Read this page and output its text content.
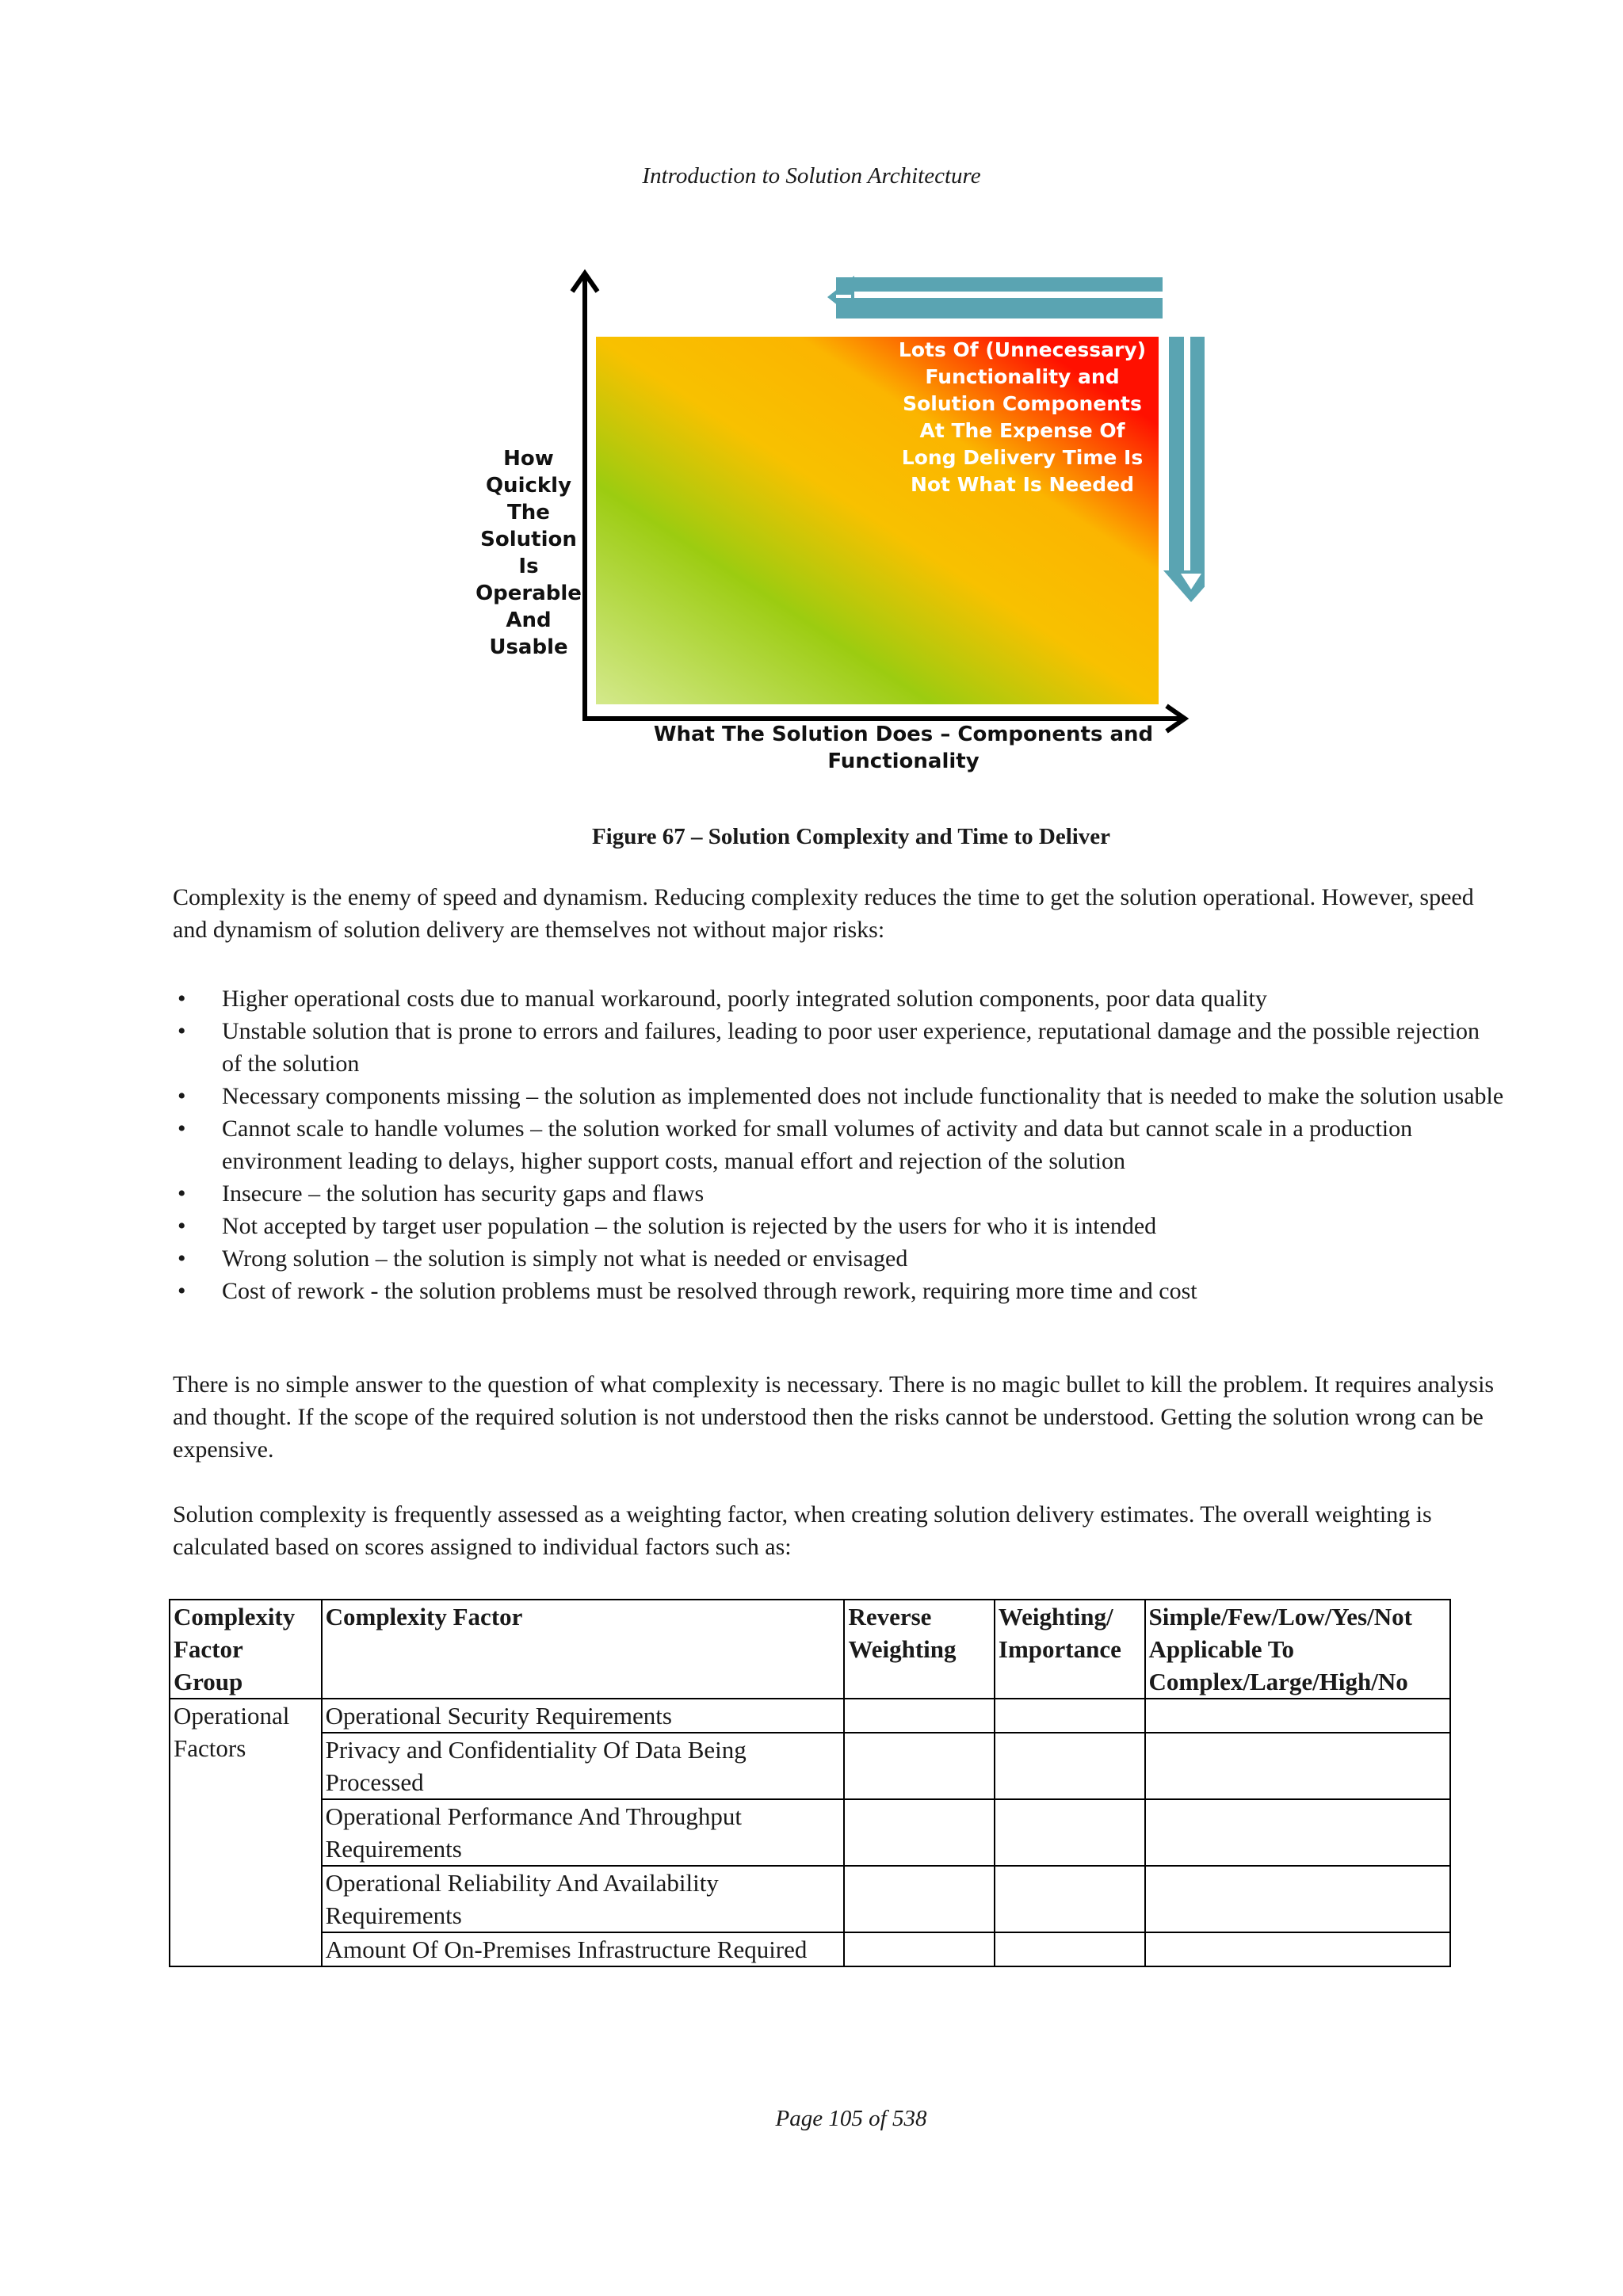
Introduction to Solution Architecture
How Quickly The Solution Is Operable And Usable
What The Solution Does – Components and Functionality
Lots Of (Unnecessary) Functionality and Solution Components At The Expense Of Long Delivery Time Is Not What Is Needed
Figure 67 – Solution Complexity and Time to Deliver

Complexity is the enemy of speed and dynamism. Reducing complexity reduces the time to get the solution operational. However, speed and dynamism of solution delivery are themselves not without major risks:

• Higher operational costs due to manual workaround, poorly integrated solution components, poor data quality
• Unstable solution that is prone to errors and failures, leading to poor user experience, reputational damage and the possible rejection of the solution
• Necessary components missing – the solution as implemented does not include functionality that is needed to make the solution usable
• Cannot scale to handle volumes – the solution worked for small volumes of activity and data but cannot scale in a production environment leading to delays, higher support costs, manual effort and rejection of the solution
• Insecure – the solution has security gaps and flaws
• Not accepted by target user population – the solution is rejected by the users for who it is intended
• Wrong solution – the solution is simply not what is needed or envisaged
• Cost of rework - the solution problems must be resolved through rework, requiring more time and cost

There is no simple answer to the question of what complexity is necessary. There is no magic bullet to kill the problem. It requires analysis and thought. If the scope of the required solution is not understood then the risks cannot be understood. Getting the solution wrong can be expensive.

Solution complexity is frequently assessed as a weighting factor, when creating solution delivery estimates. The overall weighting is calculated based on scores assigned to individual factors such as:

Complexity Factor Group	Complexity Factor	Reverse Weighting	Weighting/ Importance	Simple/Few/Low/Yes/Not Applicable To Complex/Large/High/No
Operational Factors	Operational Security Requirements			
	Privacy and Confidentiality Of Data Being Processed			
	Operational Performance And Throughput Requirements			
	Operational Reliability And Availability Requirements			
	Amount Of On-Premises Infrastructure Required			
Page 105 of 538
